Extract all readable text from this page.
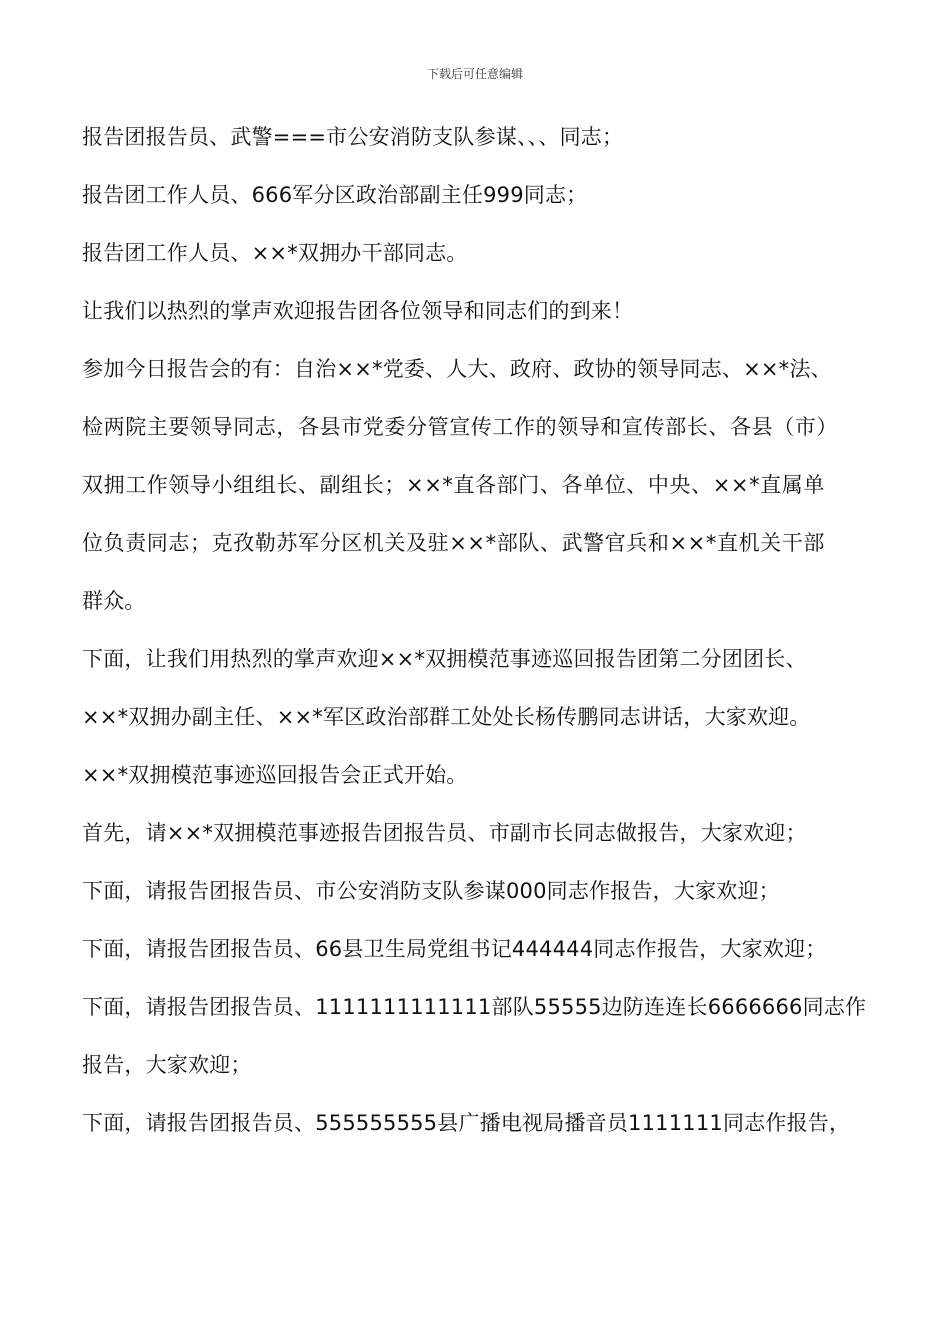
下载后可任意编辑
报告团报告员、武警===市公安消防支队参谋、、、同志；
报告团工作人员、666军分区政治部副主任999同志；
报告团工作人员、××*双拥办干部同志。
让我们以热烈的掌声欢迎报告团各位领导和同志们的到来！
参加今日报告会的有：自治××*党委、人大、政府、政协的领导同志、××*法、
检两院主要领导同志，各县市党委分管宣传工作的领导和宣传部长、各县（市）
双拥工作领导小组组长、副组长；××*直各部门、各单位、中央、××*直属单
位负责同志；克孜勒苏军分区机关及驻××*部队、武警官兵和××*直机关干部
群众。
下面，让我们用热烈的掌声欢迎××*双拥模范事迹巡回报告团第二分团团长、
××*双拥办副主任、××*军区政治部群工处处长杨传鹏同志讲话，大家欢迎。
××*双拥模范事迹巡回报告会正式开始。
首先，请××*双拥模范事迹报告团报告员、市副市长同志做报告，大家欢迎；
下面，请报告团报告员、市公安消防支队参谋000同志作报告，大家欢迎；
下面，请报告团报告员、66县卫生局党组书记444444同志作报告，大家欢迎；
下面，请报告团报告员、1111111111111部队55555边防连连长6666666同志作
报告，大家欢迎；
下面，请报告团报告员、555555555县广播电视局播音员1111111同志作报告，
